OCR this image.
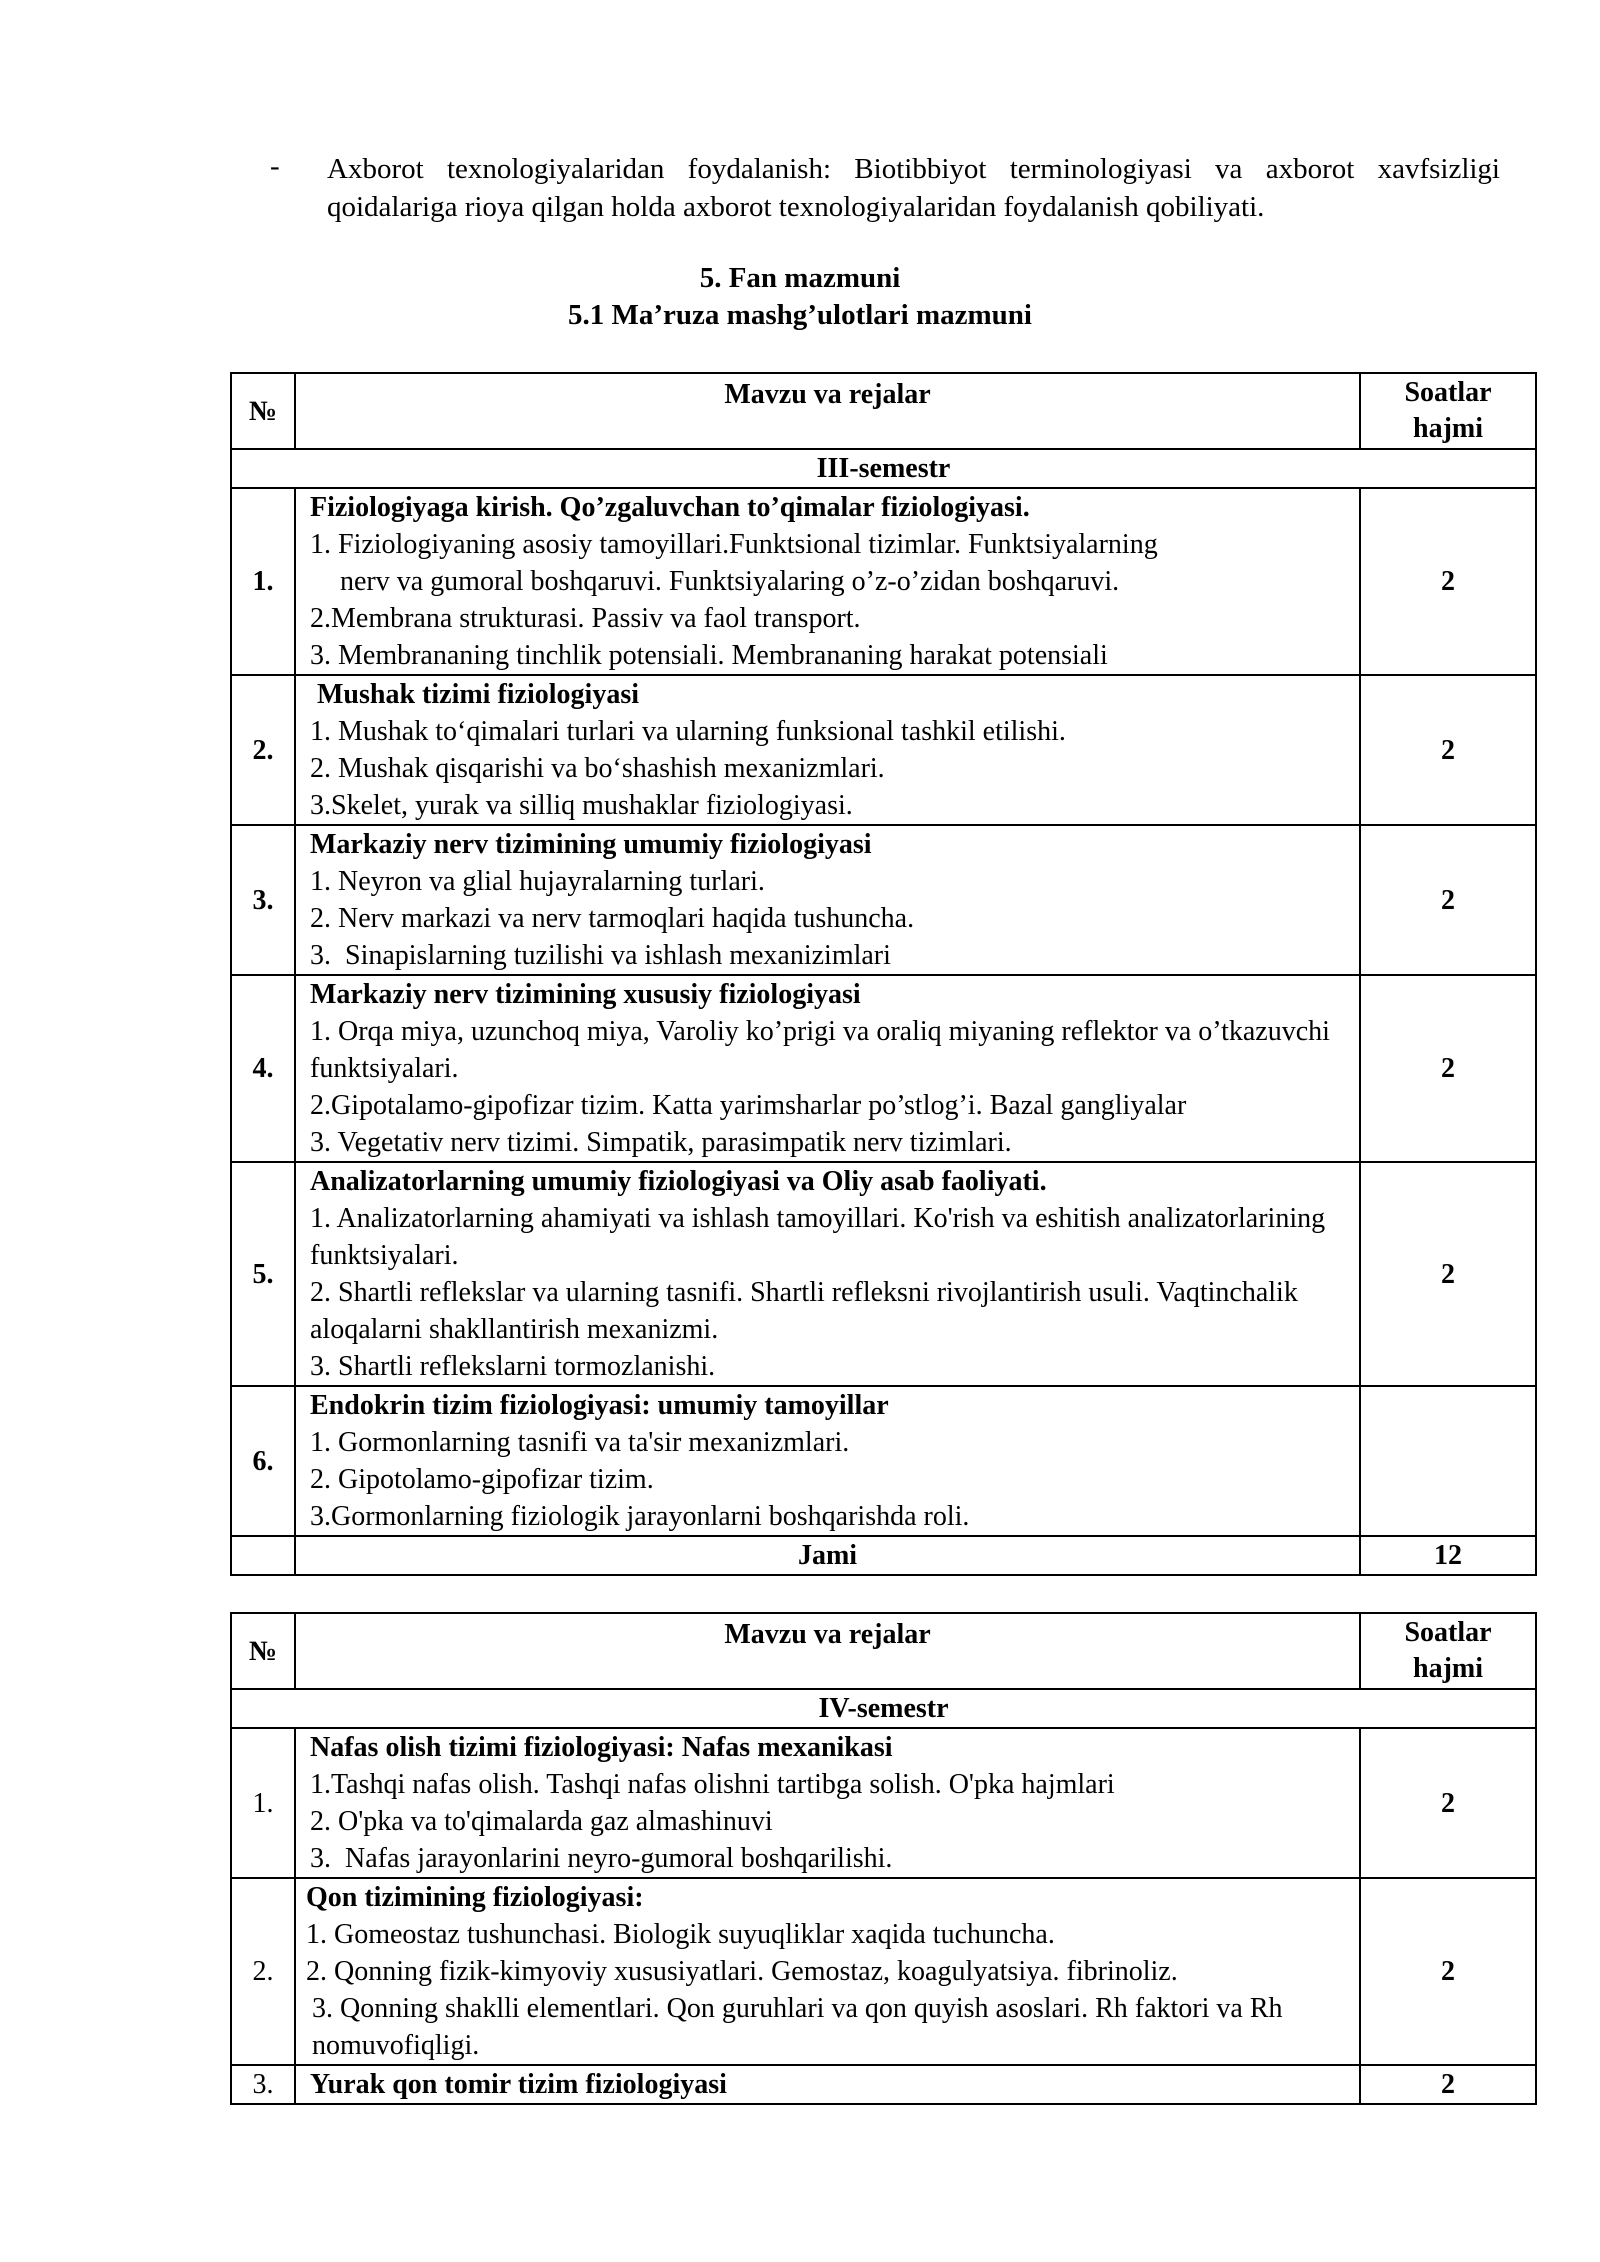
- Axborot texnologiyalaridan foydalanish: Biotibbiyot terminologiyasi va axborot xavfsizligi qoidalariga rioya qilgan holda axborot texnologiyalaridan foydalanish qobiliyati.
5. Fan mazmuni
5.1 Ma’ruza mashg’ulotlari mazmuni
№	Mavzu va rejalar	Soatlar
hajmi

III-semestr		
1.	Fiziologiyaga kirish. Qo’zgaluvchan to’qimalar fiziologiyasi.
1. Fiziologiyaning asosiy tamoyillari.Funktsional tizimlar. Funktsiyalarning
nerv va gumoral boshqaruvi. Funktsiyalaring o’z-o’zidan boshqaruvi.
2.Membrana strukturasi. Passiv va faol transport.
3. Membrananing tinchlik potensiali. Membrananing harakat potensiali	2
2.	Mushak tizimi fiziologiyasi
1. Mushak to‘qimalari turlari va ularning funksional tashkil etilishi.
2. Mushak qisqarishi va bo‘shashish mexanizmlari.
3.Skelet, yurak va silliq mushaklar fiziologiyasi.	2
3.	Markaziy nerv tizimining umumiy fiziologiyasi
1. Neyron va glial hujayralarning turlari.
2. Nerv markazi va nerv tarmoqlari haqida tushuncha.
3.  Sinapislarning tuzilishi va ishlash mexanizimlari	2
4.	Markaziy nerv tizimining xususiy fiziologiyasi
1. Orqa miya, uzunchoq miya, Varoliy ko’prigi va oraliq miyaning reflektor va o’tkazuvchi funktsiyalari.
2.Gipotalamo-gipofizar tizim. Katta yarimsharlar po’stlog’i. Bazal gangliyalar
3. Vegetativ nerv tizimi. Simpatik, parasimpatik nerv tizimlari.	2
5.	Analizatorlarning umumiy fiziologiyasi va Oliy asab faoliyati.
1. Analizatorlarning ahamiyati va ishlash tamoyillari. Ko'rish va eshitish analizatorlarining funktsiyalari.
2. Shartli reflekslar va ularning tasnifi. Shartli refleksni rivojlantirish usuli. Vaqtinchalik aloqalarni shakllantirish mexanizmi.
3. Shartli reflekslarni tormozlanishi.	2
6.	Endokrin tizim fiziologiyasi: umumiy tamoyillar
1. Gormonlarning tasnifi va ta'sir mexanizmlari.
2. Gipotolamo-gipofizar tizim.
3.Gormonlarning fiziologik jarayonlarni boshqarishda roli.	

	Jami	12
№	Mavzu va rejalar	Soatlar
hajmi

IV-semestr		
1.	Nafas olish tizimi fiziologiyasi: Nafas mexanikasi
1.Tashqi nafas olish. Tashqi nafas olishni tartibga solish. O'pka hajmlari
2. O'pka va to'qimalarda gaz almashinuvi
3.  Nafas jarayonlarini neyro-gumoral boshqarilishi.	2
2.	Qon tizimining fiziologiyasi:
1. Gomeostaz tushunchasi. Biologik suyuqliklar xaqida tuchuncha.
2. Qonning fizik-kimyoviy xususiyatlari. Gemostaz, koagulyatsiya. fibrinoliz.
3. Qonning shaklli elementlari. Qon guruhlari va qon quyish asoslari. Rh faktori va Rh nomuvofiqligi.	2
3.	Yurak qon tomir tizim fiziologiyasi	2
